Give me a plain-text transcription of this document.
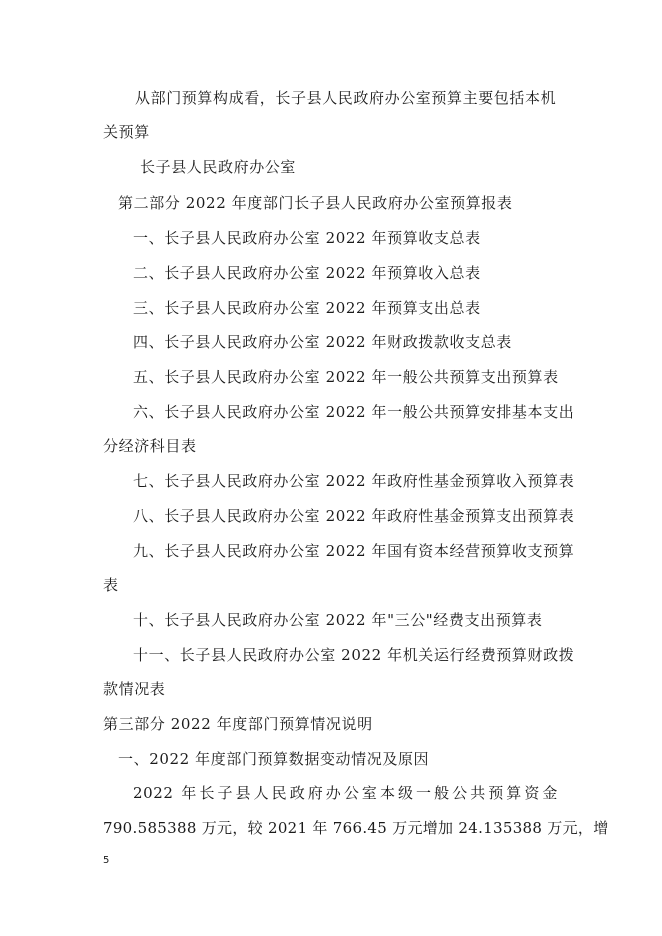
从部门预算构成看，长子县人民政府办公室预算主要包括本机
关预算
长子县人民政府办公室
第二部分 2022 年度部门长子县人民政府办公室预算报表
一、长子县人民政府办公室 2022 年预算收支总表
二、长子县人民政府办公室 2022 年预算收入总表
三、长子县人民政府办公室 2022 年预算支出总表
四、长子县人民政府办公室 2022 年财政拨款收支总表
五、长子县人民政府办公室 2022 年一般公共预算支出预算表
六、长子县人民政府办公室 2022 年一般公共预算安排基本支出
分经济科目表
七、长子县人民政府办公室 2022 年政府性基金预算收入预算表
八、长子县人民政府办公室 2022 年政府性基金预算支出预算表
九、长子县人民政府办公室 2022 年国有资本经营预算收支预算
表
十、长子县人民政府办公室 2022 年"三公"经费支出预算表
十一、长子县人民政府办公室 2022 年机关运行经费预算财政拨
款情况表
第三部分 2022 年度部门预算情况说明
一、2022 年度部门预算数据变动情况及原因
2022 年长子县人民政府办公室本级一般公共预算资金
790.585388 万元，较 2021 年 766.45 万元增加 24.135388 万元，增
5
